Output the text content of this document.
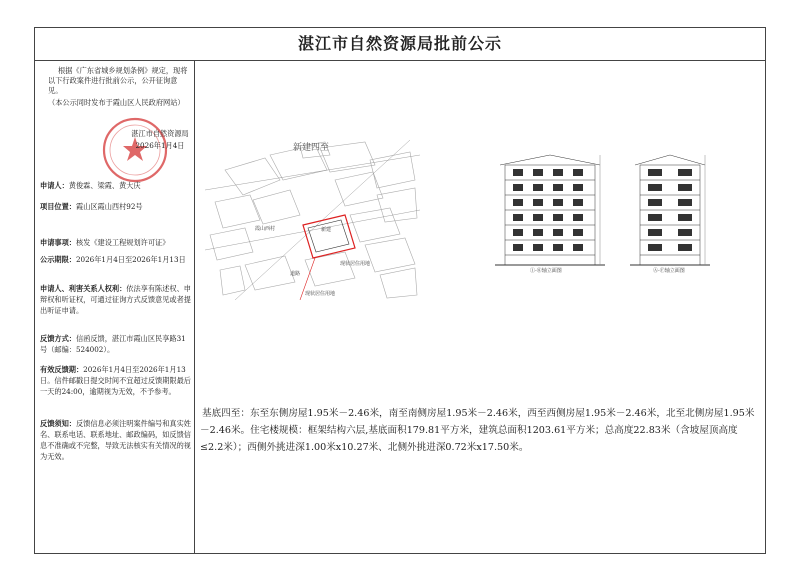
湛江市自然资源局批前公示
根据《广东省城乡规划条例》规定，现将以下行政案件进行批前公示，公开征询意见。
（本公示同时发布于霞山区人民政府网站）
湛江市自然资源局
2026年1月4日
申请人：黄俊霖、梁霞、黄大庆
项目位置：霞山区霞山西村92号
申请事项：核发《建设工程规划许可证》
公示期限：2026年1月4日至2026年1月13日
申请人、利害关系人权利：依法享有陈述权、申辩权和听证权，可通过征询方式反馈意见或者提出听证申请。
反馈方式：信函反馈，湛江市霞山区民享路31号（邮编：524002）。
有效反馈期：2026年1月4日至2026年1月13日。信件邮戳日提交时间不宜超过反馈期限最后一天的24:00，逾期视为无效，不予参考。
反馈须知：反馈信息必须注明案件编号和真实姓名、联系电话、联系地址、邮政编码，如反馈信息不准确或不完整，导致无法核实有关情况的视为无效。
新建四至
新建
霞山西村
现状居住用地
道路
现状居住用地
①-⑧轴立面图	Ⓐ-Ⓕ轴立面图
基底四至：东至东侧房屋1.95米－2.46米，南至南侧房屋1.95米－2.46米，西至西侧房屋1.95米－2.46米，北至北侧房屋1.95米－2.46米。住宅楼规模：框架结构六层,基底面积179.81平方米，建筑总面积1203.61平方米；总高度22.83米（含坡屋顶高度≤2.2米）；西侧外挑进深1.00米x10.27米、北侧外挑进深0.72米x17.50米。
